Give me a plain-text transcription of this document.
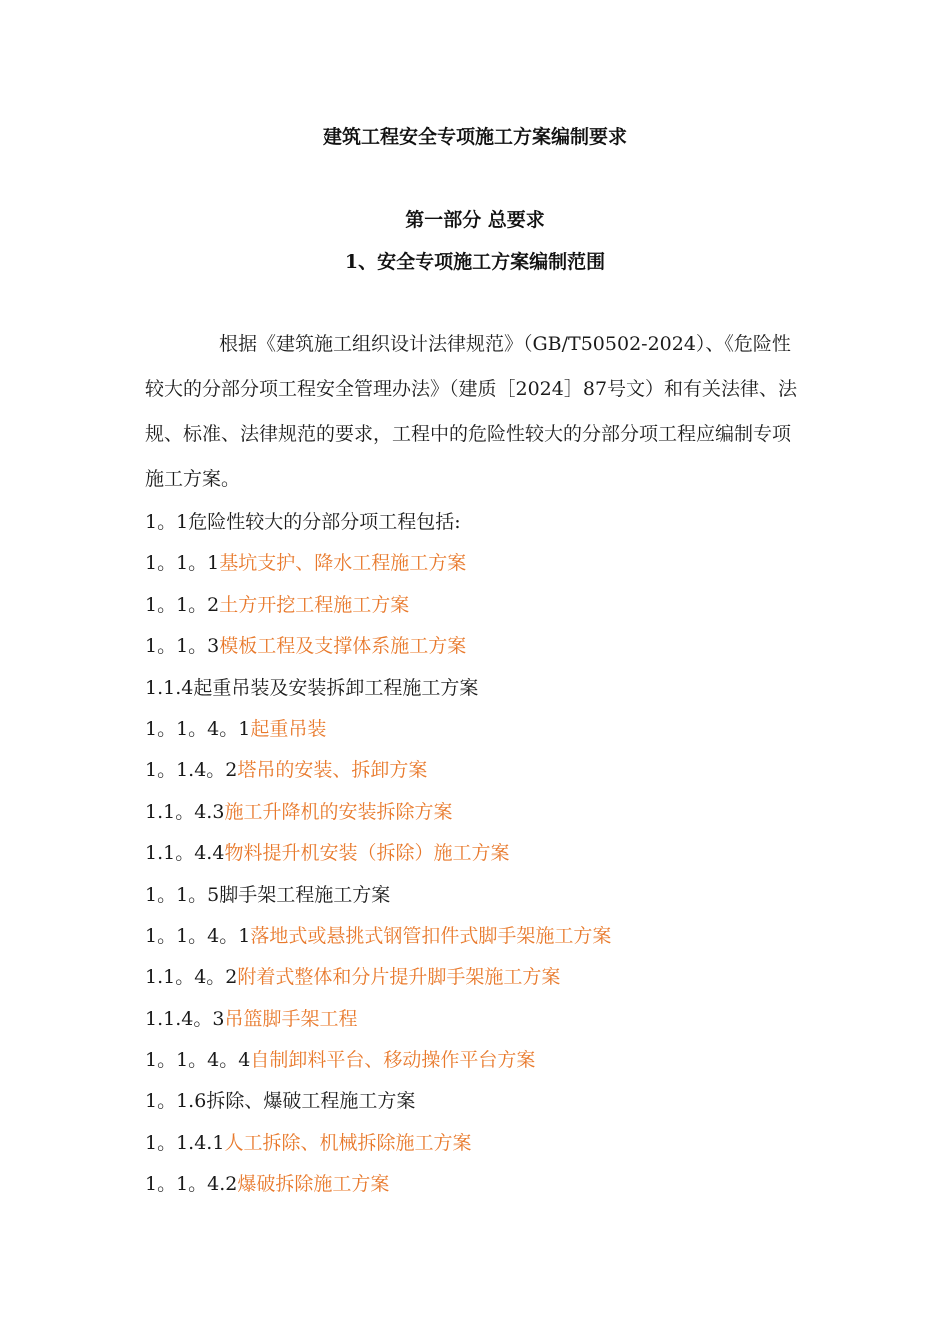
建筑工程安全专项施工方案编制要求
第一部分 总要求
1、安全专项施工方案编制范围
根据《建筑施工组织设计法律规范》（GB/T50502-2024）、《危险性较大的分部分项工程安全管理办法》（建质［2024］87号文）和有关法律、法规、标准、法律规范的要求，工程中的危险性较大的分部分项工程应编制专项施工方案。
1。1危险性较大的分部分项工程包括:
1。1。1基坑支护、降水工程施工方案
1。1。2土方开挖工程施工方案
1。1。3模板工程及支撑体系施工方案
1.1.4起重吊装及安装拆卸工程施工方案
1。1。4。1起重吊装
1。1.4。2塔吊的安装、拆卸方案
1.1。4.3施工升降机的安装拆除方案
1.1。4.4物料提升机安装（拆除）施工方案
1。1。5脚手架工程施工方案
1。1。4。1落地式或悬挑式钢管扣件式脚手架施工方案
1.1。4。2附着式整体和分片提升脚手架施工方案
1.1.4。3吊篮脚手架工程
1。1。4。4自制卸料平台、移动操作平台方案
1。1.6拆除、爆破工程施工方案
1。1.4.1人工拆除、机械拆除施工方案
1。1。4.2爆破拆除施工方案
